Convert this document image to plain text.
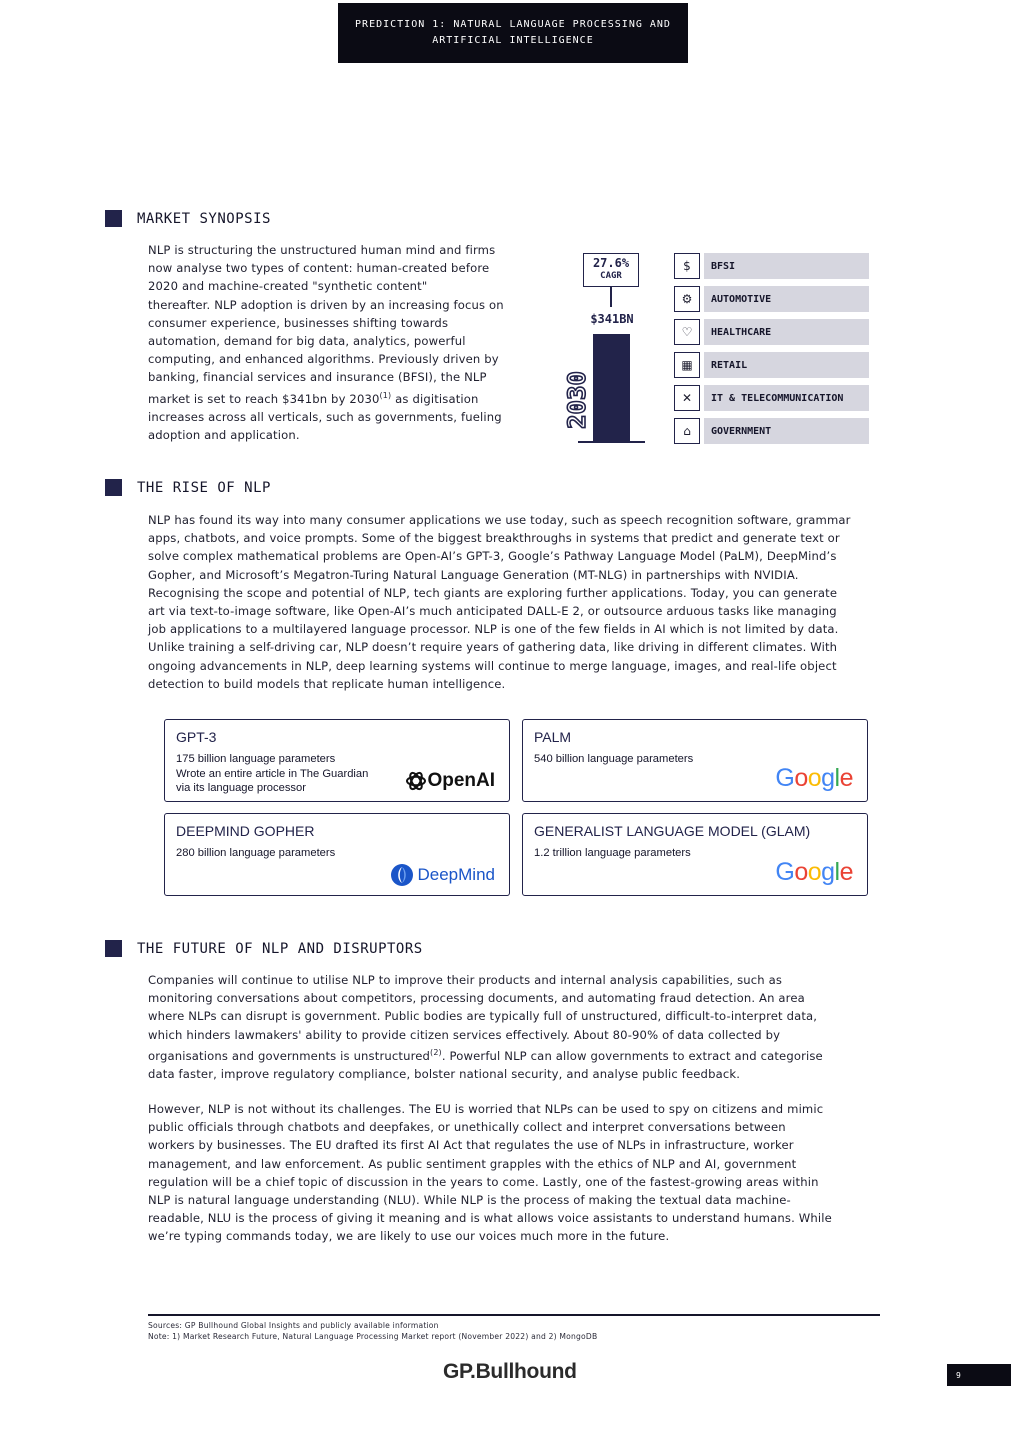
PREDICTION 1: NATURAL LANGUAGE PROCESSING AND
ARTIFICIAL INTELLIGENCE
MARKET SYNOPSIS

NLP is structuring the unstructured human mind and firms

now analyse two types of content: human-created before

2020 and machine-created "synthetic content"

thereafter. NLP adoption is driven by an increasing focus on

consumer experience, businesses shifting towards

automation, demand for big data, analytics, powerful

computing, and enhanced algorithms. Previously driven by

banking, financial services and insurance (BFSI), the NLP

market is set to reach $341bn by 2030$^{(1)}$ as digitisation

increases across all verticals, such as governments, fueling

adoption and application.

27.6%
CAGR
$341BN
2030
$	BFSI
⚙	AUTOMOTIVE
♡	HEALTHCARE
▦	RETAIL
✕	IT & TELECOMMUNICATION
⌂	GOVERNMENT
THE RISE OF NLP

NLP has found its way into many consumer applications we use today, such as speech recognition software, grammar

apps, chatbots, and voice prompts. Some of the biggest breakthroughs in systems that predict and generate text or

solve complex mathematical problems are Open-AI’s GPT-3, Google’s Pathway Language Model (PaLM), DeepMind’s

Gopher, and Microsoft’s Megatron-Turing Natural Language Generation (MT-NLG) in partnerships with NVIDIA.

Recognising the scope and potential of NLP, tech giants are exploring further applications. Today, you can generate

art via text-to-image software, like Open-AI’s much anticipated DALL-E 2, or outsource arduous tasks like managing

job applications to a multilayered language processor. NLP is one of the few fields in AI which is not limited by data.

Unlike training a self-driving car, NLP doesn’t require years of gathering data, like driving in different climates. With

ongoing advancements in NLP, deep learning systems will continue to merge language, images, and real-life object

detection to build models that replicate human intelligence.

GPT-3
175 billion language parameters
Wrote an entire article in The Guardian
via its language processor	OpenAI
PALM
540 billion language parameters
Google
DEEPMIND GOPHER
280 billion language parameters
DeepMind
GENERALIST LANGUAGE MODEL (GLAM)
1.2 trillion language parameters
Google
THE FUTURE OF NLP AND DISRUPTORS

Companies will continue to utilise NLP to improve their products and internal analysis capabilities, such as

monitoring conversations about competitors, processing documents, and automating fraud detection. An area

where NLPs can disrupt is government. Public bodies are typically full of unstructured, difficult-to-interpret data,

which hinders lawmakers' ability to provide citizen services effectively. About 80-90% of data collected by

organisations and governments is unstructured$^{(2)}$. Powerful NLP can allow governments to extract and categorise

data faster, improve regulatory compliance, bolster national security, and analyse public feedback.

However, NLP is not without its challenges. The EU is worried that NLPs can be used to spy on citizens and mimic

public officials through chatbots and deepfakes, or unethically collect and interpret conversations between

workers by businesses. The EU drafted its first AI Act that regulates the use of NLPs in infrastructure, worker

management, and law enforcement. As public sentiment grapples with the ethics of NLP and AI, government

regulation will be a chief topic of discussion in the years to come. Lastly, one of the fastest-growing areas within

NLP is natural language understanding (NLU). While NLP is the process of making the textual data machine-

readable, NLU is the process of giving it meaning and is what allows voice assistants to understand humans. While

we’re typing commands today, we are likely to use our voices much more in the future.

Sources: GP Bullhound Global Insights and publicly available information
Note: 1) Market Research Future, Natural Language Processing Market report (November 2022) and 2) MongoDB
GP.Bullhound	9
